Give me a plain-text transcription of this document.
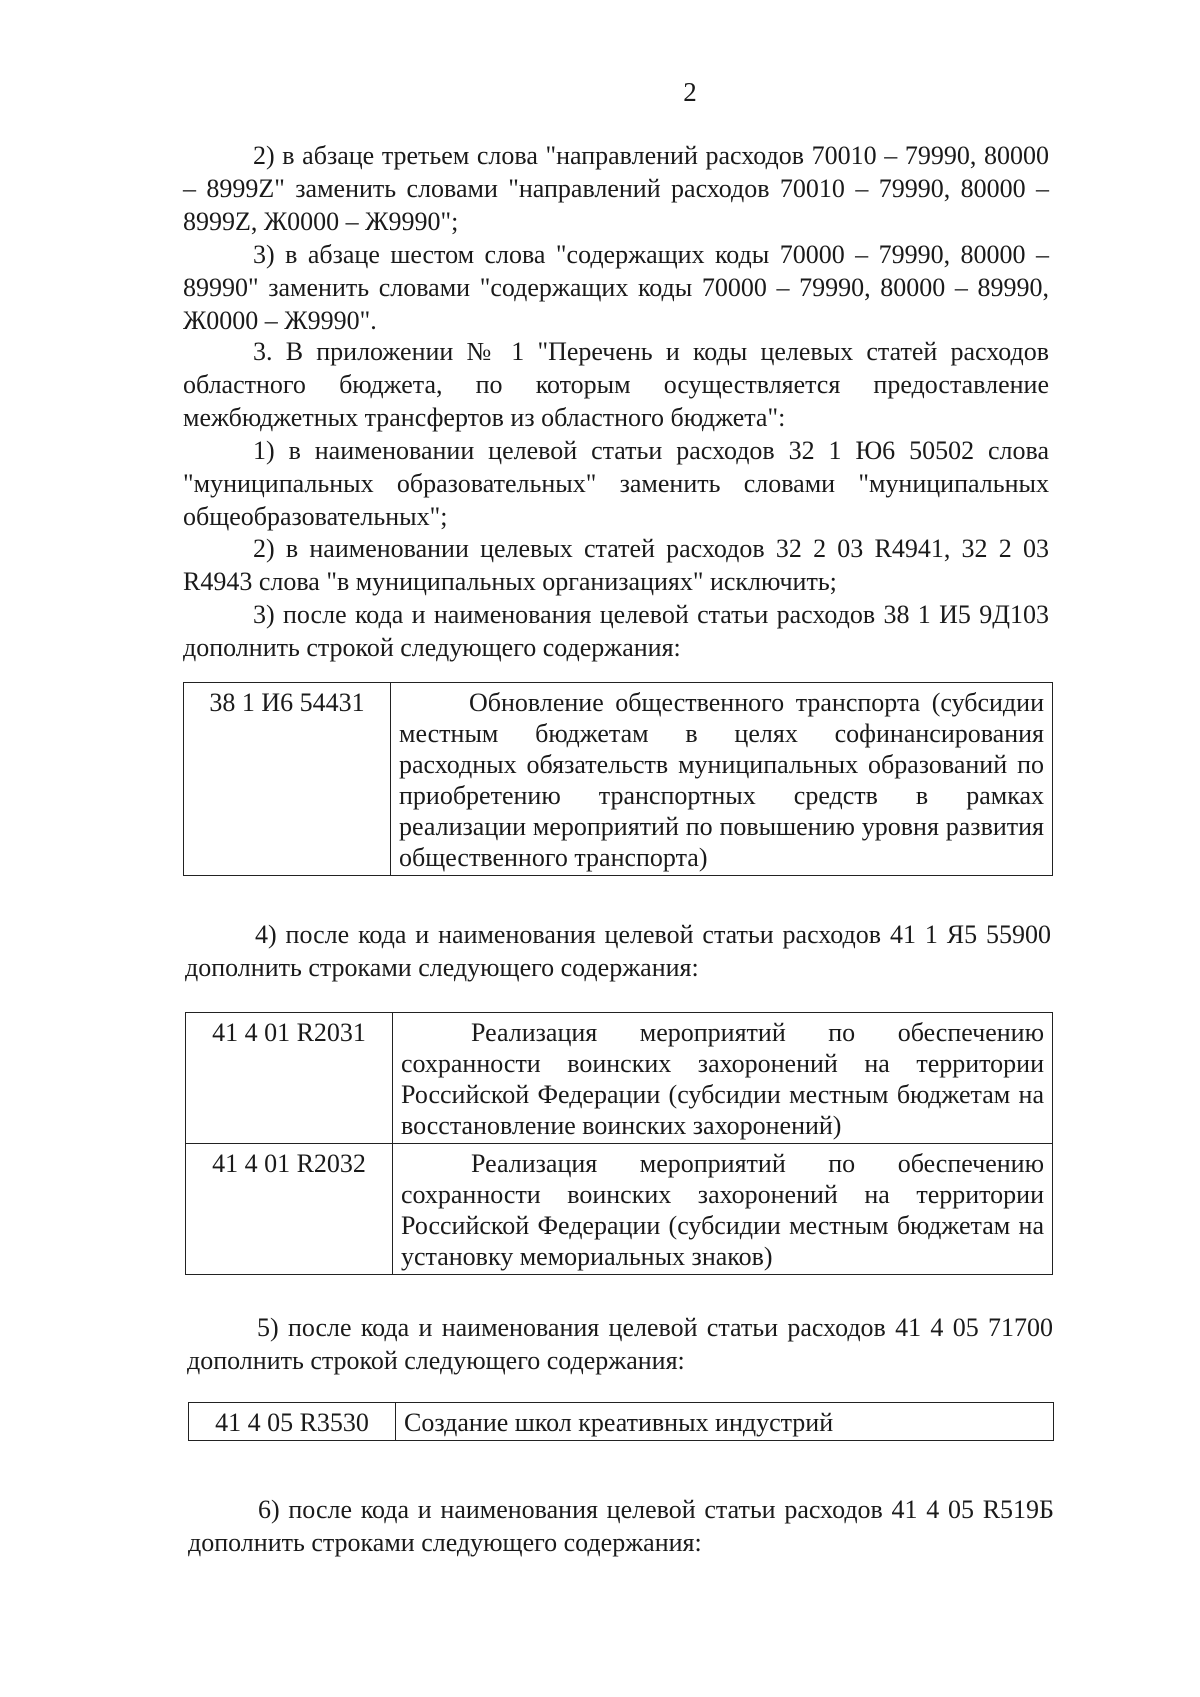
2
2) в абзаце третьем слова "направлений расходов 70010 – 79990, 80000 – 8999Z" заменить словами "направлений расходов 70010 – 79990, 80000 – 8999Z, Ж0000 – Ж9990";
3) в абзаце шестом слова "содержащих коды 70000 – 79990, 80000 – 89990" заменить словами "содержащих коды 70000 – 79990, 80000 – 89990, Ж0000 – Ж9990".
3. В приложении № 1 "Перечень и коды целевых статей расходов областного бюджета, по которым осуществляется предоставление межбюджетных трансфертов из областного бюджета":
1) в наименовании целевой статьи расходов 32 1 Ю6 50502 слова "муниципальных образовательных" заменить словами "муниципальных общеобразовательных";
2) в наименовании целевых статей расходов 32 2 03 R4941, 32 2 03 R4943 слова "в муниципальных организациях" исключить;
3) после кода и наименования целевой статьи расходов 38 1 И5 9Д103 дополнить строкой следующего содержания:
38 1 И6 54431	Обновление общественного транспорта (субсидии местным бюджетам в целях софинансирования расходных обязательств муниципальных образований по приобретению транспортных средств в рамках реализации мероприятий по повышению уровня развития общественного транспорта)
4) после кода и наименования целевой статьи расходов 41 1 Я5 55900 дополнить строками следующего содержания:
41 4 01 R2031	Реализация мероприятий по обеспечению сохранности воинских захоронений на территории Российской Федерации (субсидии местным бюджетам на восстановление воинских захоронений)
41 4 01 R2032	Реализация мероприятий по обеспечению сохранности воинских захоронений на территории Российской Федерации (субсидии местным бюджетам на установку мемориальных знаков)
5) после кода и наименования целевой статьи расходов 41 4 05 71700 дополнить строкой следующего содержания:
41 4 05 R3530	Создание школ креативных индустрий
6) после кода и наименования целевой статьи расходов 41 4 05 R519Б дополнить строками следующего содержания:
